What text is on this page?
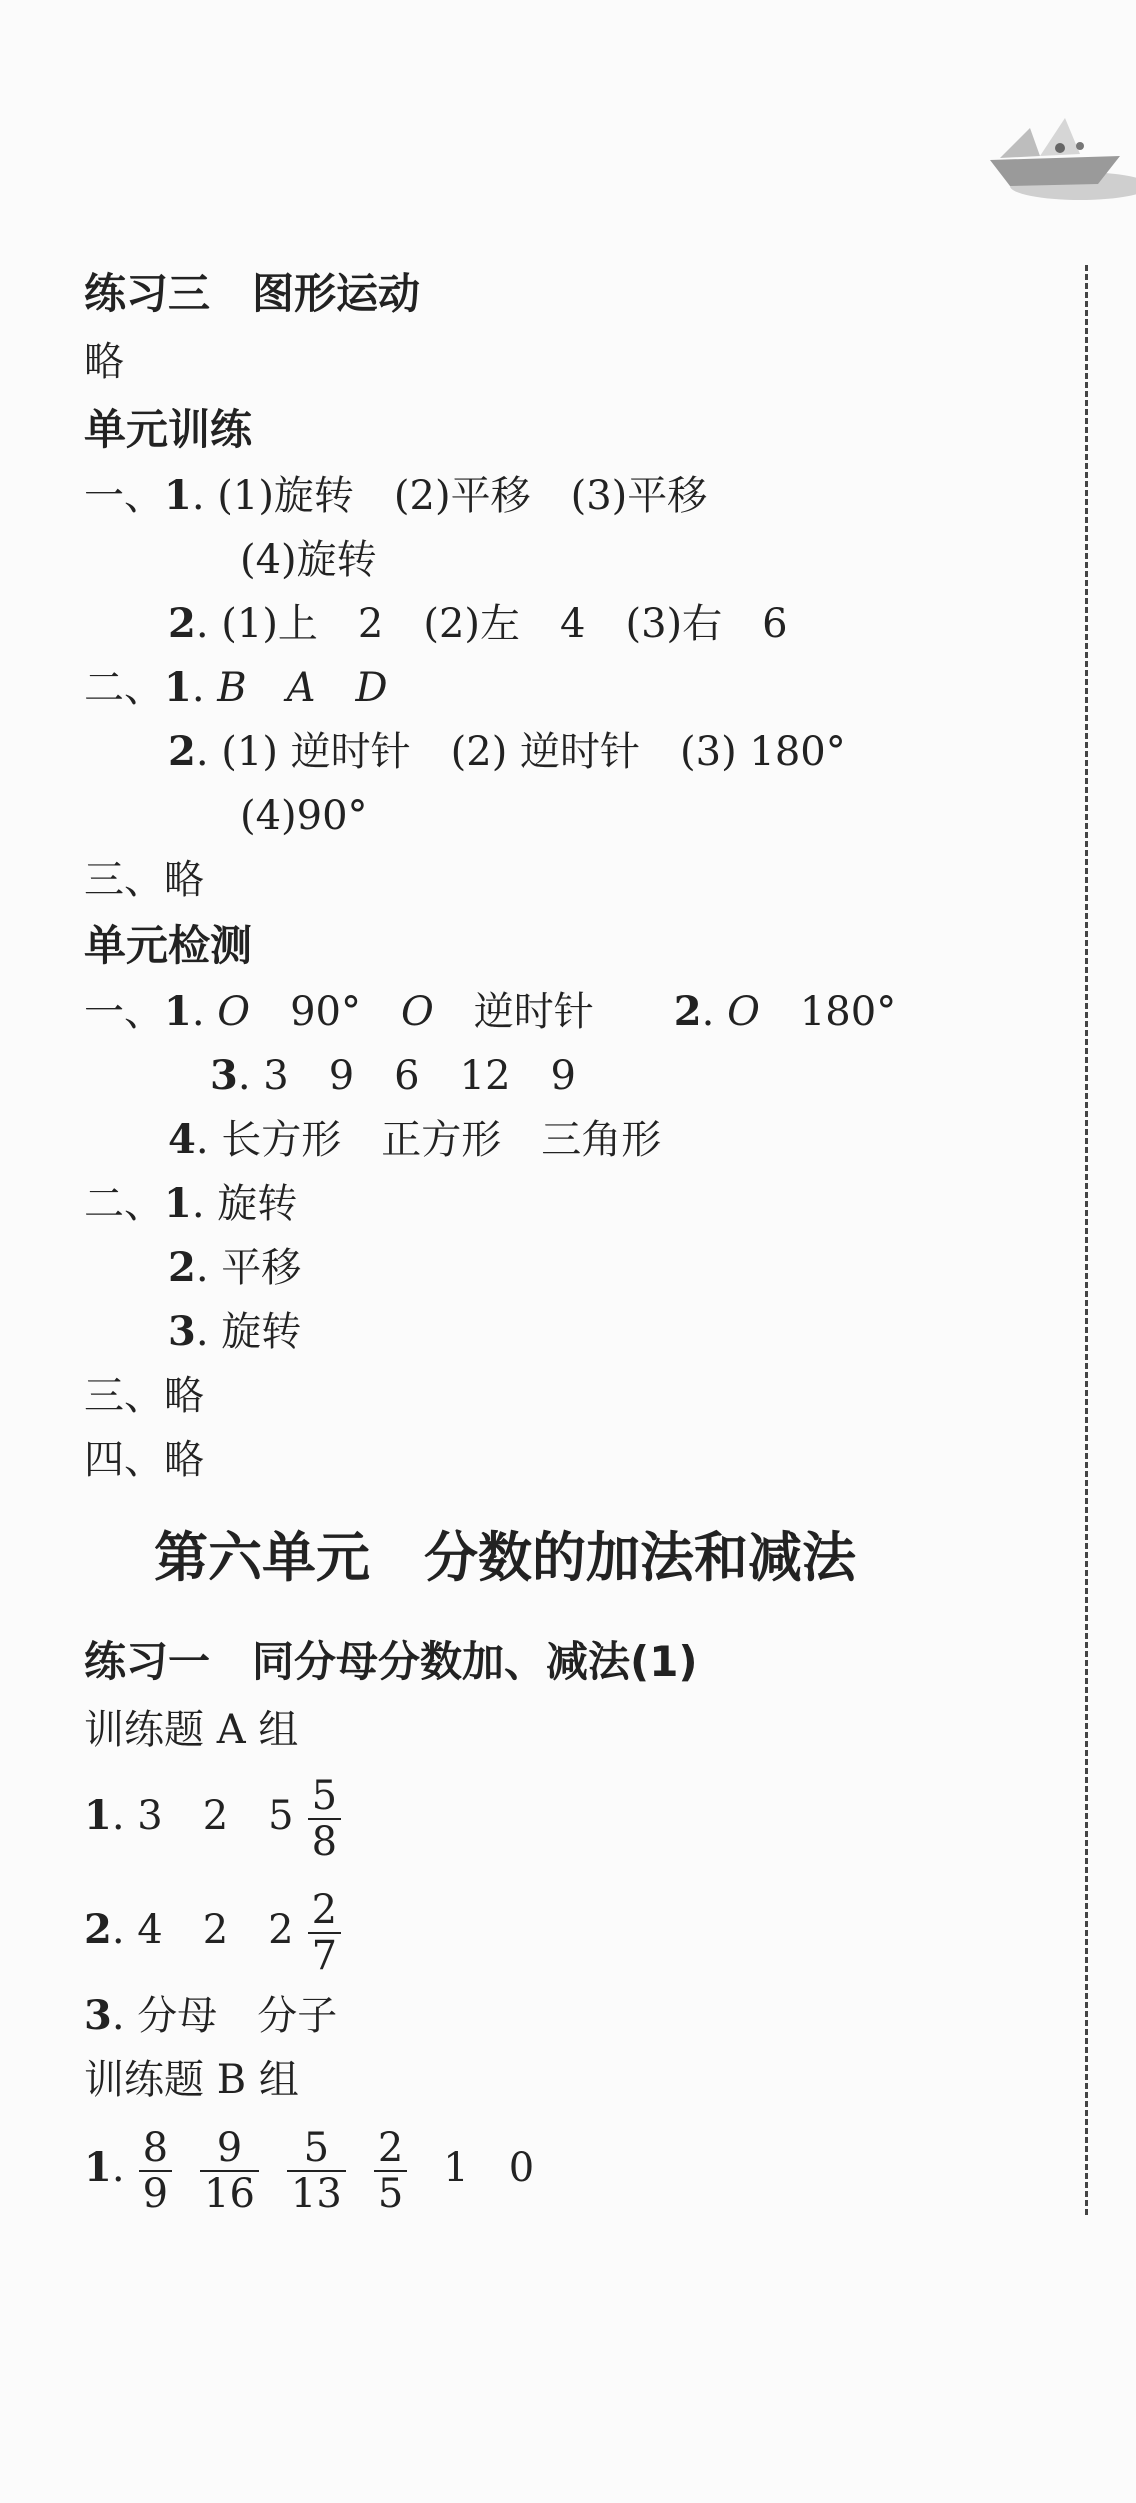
练习三　图形运动
略
单元训练
一、1. (1)旋转　(2)平移　(3)平移
(4)旋转
2. (1)上　2　(2)左　4　(3)右　6
二、1. B　A　D
2. (1) 逆时针　(2) 逆时针　(3) 180°
(4)90°
三、略
单元检测
一、1. O　90°　O　逆时针　　2. O　180°
3. 3　9　6　12　9
4. 长方形　正方形　三角形
二、1. 旋转
2. 平移
3. 旋转
三、略
四、略
第六单元　分数的加法和减法
练习一　同分母分数加、减法(1)
训练题 A 组
1. 3　2　$5 \frac{5}{8}$
2. 4　2　$2 \frac{2}{7}$
3. 分母　分子
训练题 B 组
1. $\frac{8}{9} \frac{9}{16} \frac{5}{13} \frac{2}{5} 1$　0
